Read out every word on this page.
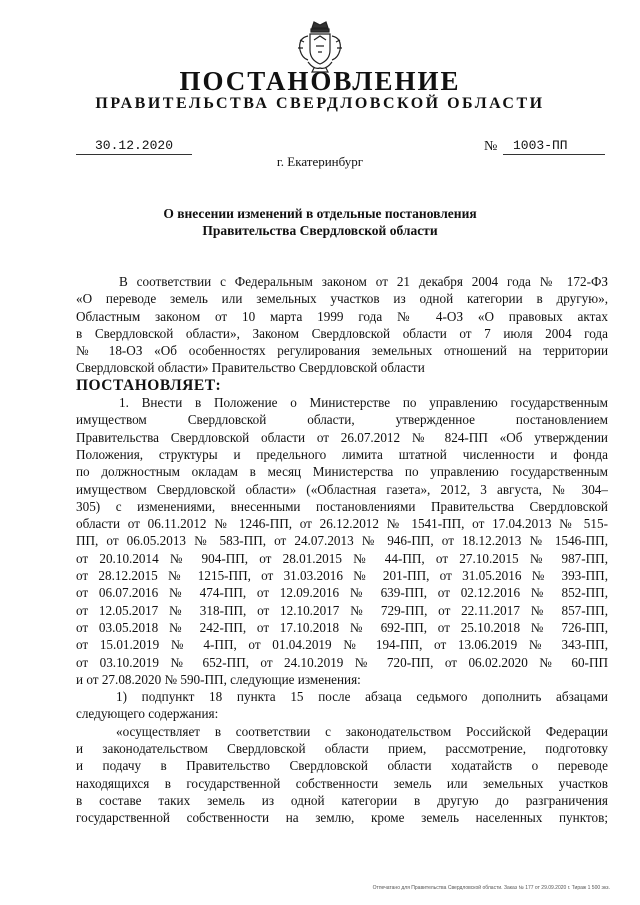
ПОСТАНОВЛЕНИЕ
ПРАВИТЕЛЬСТВА СВЕРДЛОВСКОЙ ОБЛАСТИ
30.12.2020	№	1003-ПП
г. Екатеринбург
О внесении изменений в отдельные постановления
Правительства Свердловской области
В соответствии с Федеральным законом от 21 декабря 2004 года № 172-ФЗ
«О переводе земель или земельных участков из одной категории в другую»,
Областным законом от 10 марта 1999 года № 4-ОЗ «О правовых актах
в Свердловской области», Законом Свердловской области от 7 июля 2004 года
№ 18-ОЗ «Об особенностях регулирования земельных отношений на территории
Свердловской области» Правительство Свердловской области
ПОСТАНОВЛЯЕТ:
1. Внести в Положение о Министерстве по управлению государственным
имуществом Свердловской области, утвержденное постановлением
Правительства Свердловской области от 26.07.2012 № 824-ПП «Об утверждении
Положения, структуры и предельного лимита штатной численности и фонда
по должностным окладам в месяц Министерства по управлению государственным
имуществом Свердловской области» («Областная газета», 2012, 3 августа, № 304–
305) с изменениями, внесенными постановлениями Правительства Свердловской
области от 06.11.2012 № 1246-ПП, от 26.12.2012 № 1541-ПП, от 17.04.2013 № 515-
ПП, от 06.05.2013 № 583-ПП, от 24.07.2013 № 946-ПП, от 18.12.2013 № 1546-ПП,
от 20.10.2014 № 904-ПП, от 28.01.2015 № 44-ПП, от 27.10.2015 № 987-ПП,
от 28.12.2015 № 1215-ПП, от 31.03.2016 № 201-ПП, от 31.05.2016 № 393-ПП,
от 06.07.2016 № 474-ПП, от 12.09.2016 № 639-ПП, от 02.12.2016 № 852-ПП,
от 12.05.2017 № 318-ПП, от 12.10.2017 № 729-ПП, от 22.11.2017 № 857-ПП,
от 03.05.2018 № 242-ПП, от 17.10.2018 № 692-ПП, от 25.10.2018 № 726-ПП,
от 15.01.2019 № 4-ПП, от 01.04.2019 № 194-ПП, от 13.06.2019 № 343-ПП,
от 03.10.2019 № 652-ПП, от 24.10.2019 № 720-ПП, от 06.02.2020 № 60-ПП
и от 27.08.2020 № 590-ПП, следующие изменения:
1) подпункт 18 пункта 15 после абзаца седьмого дополнить абзацами
следующего содержания:
«осуществляет в соответствии с законодательством Российской Федерации
и законодательством Свердловской области прием, рассмотрение, подготовку
и подачу в Правительство Свердловской области ходатайств о переводе
находящихся в государственной собственности земель или земельных участков
в составе таких земель из одной категории в другую до разграничения
государственной собственности на землю, кроме земель населенных пунктов;
Отпечатано для Правительства Свердловской области. Заказ № 177 от 29.09.2020 г. Тираж 1 500 экз.
